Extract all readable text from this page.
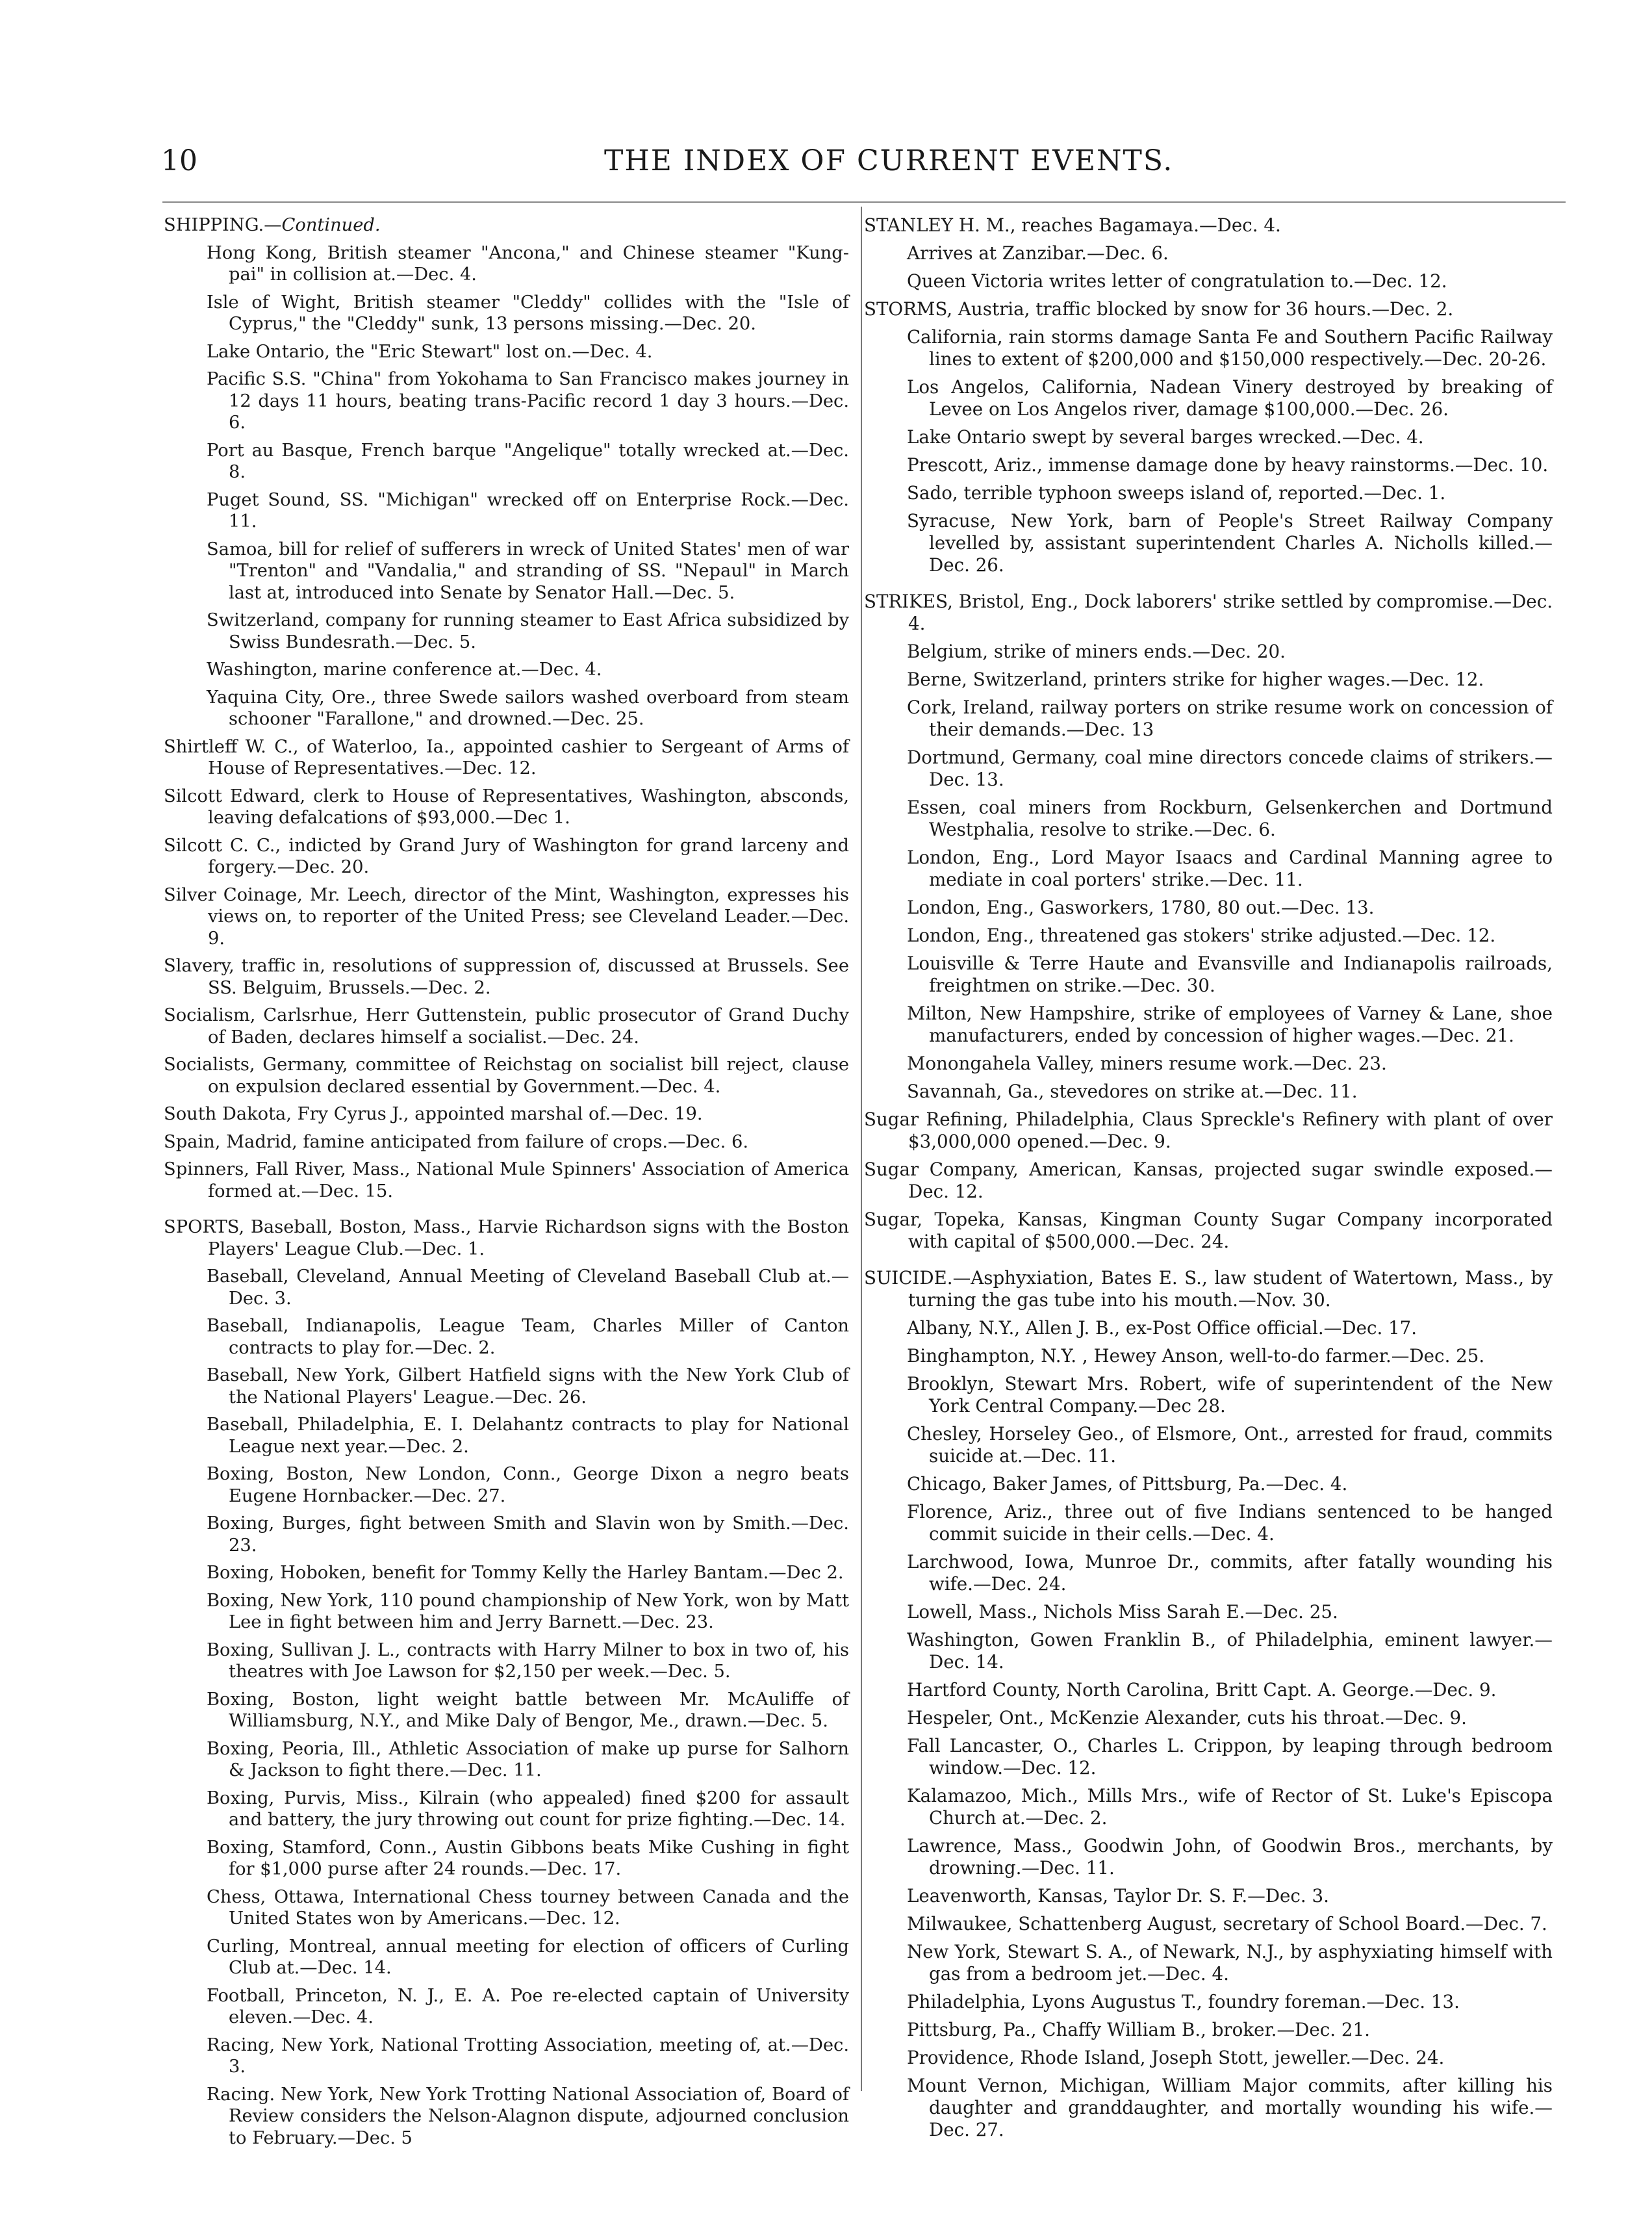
10	THE INDEX OF CURRENT EVENTS.
SHIPPING.—Continued.

Hong Kong, British steamer "Ancona," and Chinese steamer "Kung-pai" in collision at.—Dec. 4.

Isle of Wight, British steamer "Cleddy" collides with the "Isle of Cyprus," the "Cleddy" sunk, 13 persons missing.—Dec. 20.

Lake Ontario, the "Eric Stewart" lost on.—Dec. 4.

Pacific S.S. "China" from Yokohama to San Francisco makes journey in 12 days 11 hours, beating trans-Pacific record 1 day 3 hours.—Dec. 6.

Port au Basque, French barque "Angelique" totally wrecked at.—Dec. 8.

Puget Sound, SS. "Michigan" wrecked off on Enterprise Rock.—Dec. 11.

Samoa, bill for relief of sufferers in wreck of United States' men of war "Trenton" and "Vandalia," and stranding of SS. "Nepaul" in March last at, introduced into Senate by Senator Hall.—Dec. 5.

Switzerland, company for running steamer to East Africa subsidized by Swiss Bundesrath.—Dec. 5.

Washington, marine conference at.—Dec. 4.

Yaquina City, Ore., three Swede sailors washed overboard from steam schooner "Farallone," and drowned.—Dec. 25.

Shirtleff W. C., of Waterloo, Ia., appointed cashier to Sergeant of Arms of House of Representatives.—Dec. 12.

Silcott Edward, clerk to House of Representatives, Washington, absconds, leaving defalcations of $93,000.—Dec 1.

Silcott C. C., indicted by Grand Jury of Washington for grand larceny and forgery.—Dec. 20.

Silver Coinage, Mr. Leech, director of the Mint, Washington, expresses his views on, to reporter of the United Press; see Cleveland Leader.—Dec. 9.

Slavery, traffic in, resolutions of suppression of, discussed at Brussels. See SS. Belguim, Brussels.—Dec. 2.

Socialism, Carlsrhue, Herr Guttenstein, public prosecutor of Grand Duchy of Baden, declares himself a socialist.—Dec. 24.

Socialists, Germany, committee of Reichstag on socialist bill reject, clause on expulsion declared essential by Government.—Dec. 4.

South Dakota, Fry Cyrus J., appointed marshal of.—Dec. 19.

Spain, Madrid, famine anticipated from failure of crops.—Dec. 6.

Spinners, Fall River, Mass., National Mule Spinners' Association of America formed at.—Dec. 15.

SPORTS, Baseball, Boston, Mass., Harvie Richardson signs with the Boston Players' League Club.—Dec. 1.

Baseball, Cleveland, Annual Meeting of Cleveland Baseball Club at.—Dec. 3.

Baseball, Indianapolis, League Team, Charles Miller of Canton contracts to play for.—Dec. 2.

Baseball, New York, Gilbert Hatfield signs with the New York Club of the National Players' League.—Dec. 26.

Baseball, Philadelphia, E. I. Delahantz contracts to play for National League next year.—Dec. 2.

Boxing, Boston, New London, Conn., George Dixon a negro beats Eugene Hornbacker.—Dec. 27.

Boxing, Burges, fight between Smith and Slavin won by Smith.—Dec. 23.

Boxing, Hoboken, benefit for Tommy Kelly the Harley Bantam.—Dec 2.

Boxing, New York, 110 pound championship of New York, won by Matt Lee in fight between him and Jerry Barnett.—Dec. 23.

Boxing, Sullivan J. L., contracts with Harry Milner to box in two of, his theatres with Joe Lawson for $2,150 per week.—Dec. 5.

Boxing, Boston, light weight battle between Mr. McAuliffe of Williamsburg, N.Y., and Mike Daly of Bengor, Me., drawn.—Dec. 5.

Boxing, Peoria, Ill., Athletic Association of make up purse for Salhorn & Jackson to fight there.—Dec. 11.

Boxing, Purvis, Miss., Kilrain (who appealed) fined $200 for assault and battery, the jury throwing out count for prize fighting.—Dec. 14.

Boxing, Stamford, Conn., Austin Gibbons beats Mike Cushing in fight for $1,000 purse after 24 rounds.—Dec. 17.

Chess, Ottawa, International Chess tourney between Canada and the United States won by Americans.—Dec. 12.

Curling, Montreal, annual meeting for election of officers of Curling Club at.—Dec. 14.

Football, Princeton, N. J., E. A. Poe re-elected captain of University eleven.—Dec. 4.

Racing, New York, National Trotting Association, meeting of, at.—Dec. 3.

Racing. New York, New York Trotting National Association of, Board of Review considers the Nelson-Alagnon dispute, adjourned conclusion to February.—Dec. 5

STANLEY H. M., reaches Bagamaya.—Dec. 4.

Arrives at Zanzibar.—Dec. 6.

Queen Victoria writes letter of congratulation to.—Dec. 12.

STORMS, Austria, traffic blocked by snow for 36 hours.—Dec. 2.

California, rain storms damage Santa Fe and Southern Pacific Railway lines to extent of $200,000 and $150,000 respectively.—Dec. 20-26.

Los Angelos, California, Nadean Vinery destroyed by breaking of Levee on Los Angelos river, damage $100,000.—Dec. 26.

Lake Ontario swept by several barges wrecked.—Dec. 4.

Prescott, Ariz., immense damage done by heavy rainstorms.—Dec. 10.

Sado, terrible typhoon sweeps island of, reported.—Dec. 1.

Syracuse, New York, barn of People's Street Railway Company levelled by, assistant superintendent Charles A. Nicholls killed.—Dec. 26.

STRIKES, Bristol, Eng., Dock laborers' strike settled by compromise.—Dec. 4.

Belgium, strike of miners ends.—Dec. 20.

Berne, Switzerland, printers strike for higher wages.—Dec. 12.

Cork, Ireland, railway porters on strike resume work on concession of their demands.—Dec. 13

Dortmund, Germany, coal mine directors concede claims of strikers.—Dec. 13.

Essen, coal miners from Rockburn, Gelsenkerchen and Dortmund Westphalia, resolve to strike.—Dec. 6.

London, Eng., Lord Mayor Isaacs and Cardinal Manning agree to mediate in coal porters' strike.—Dec. 11.

London, Eng., Gasworkers, 1780, 80 out.—Dec. 13.

London, Eng., threatened gas stokers' strike adjusted.—Dec. 12.

Louisville & Terre Haute and Evansville and Indianapolis railroads, freightmen on strike.—Dec. 30.

Milton, New Hampshire, strike of employees of Varney & Lane, shoe manufacturers, ended by concession of higher wages.—Dec. 21.

Monongahela Valley, miners resume work.—Dec. 23.

Savannah, Ga., stevedores on strike at.—Dec. 11.

Sugar Refining, Philadelphia, Claus Spreckle's Refinery with plant of over $3,000,000 opened.—Dec. 9.

Sugar Company, American, Kansas, projected sugar swindle exposed.—Dec. 12.

Sugar, Topeka, Kansas, Kingman County Sugar Company incorporated with capital of $500,000.—Dec. 24.

SUICIDE.—Asphyxiation, Bates E. S., law student of Watertown, Mass., by turning the gas tube into his mouth.—Nov. 30.

Albany, N.Y., Allen J. B., ex-Post Office official.—Dec. 17.

Binghampton, N.Y. , Hewey Anson, well-to-do farmer.—Dec. 25.

Brooklyn, Stewart Mrs. Robert, wife of superintendent of the New York Central Company.—Dec 28.

Chesley, Horseley Geo., of Elsmore, Ont., arrested for fraud, commits suicide at.—Dec. 11.

Chicago, Baker James, of Pittsburg, Pa.—Dec. 4.

Florence, Ariz., three out of five Indians sentenced to be hanged commit suicide in their cells.—Dec. 4.

Larchwood, Iowa, Munroe Dr., commits, after fatally wounding his wife.—Dec. 24.

Lowell, Mass., Nichols Miss Sarah E.—Dec. 25.

Washington, Gowen Franklin B., of Philadelphia, eminent lawyer.—Dec. 14.

Hartford County, North Carolina, Britt Capt. A. George.—Dec. 9.

Hespeler, Ont., McKenzie Alexander, cuts his throat.—Dec. 9.

Fall Lancaster, O., Charles L. Crippon, by leaping through bedroom window.—Dec. 12.

Kalamazoo, Mich., Mills Mrs., wife of Rector of St. Luke's Episcopa Church at.—Dec. 2.

Lawrence, Mass., Goodwin John, of Goodwin Bros., merchants, by drowning.—Dec. 11.

Leavenworth, Kansas, Taylor Dr. S. F.—Dec. 3.

Milwaukee, Schattenberg August, secretary of School Board.—Dec. 7.

New York, Stewart S. A., of Newark, N.J., by asphyxiating himself with gas from a bedroom jet.—Dec. 4.

Philadelphia, Lyons Augustus T., foundry foreman.—Dec. 13.

Pittsburg, Pa., Chaffy William B., broker.—Dec. 21.

Providence, Rhode Island, Joseph Stott, jeweller.—Dec. 24.

Mount Vernon, Michigan, William Major commits, after killing his daughter and granddaughter, and mortally wounding his wife.—Dec. 27.
